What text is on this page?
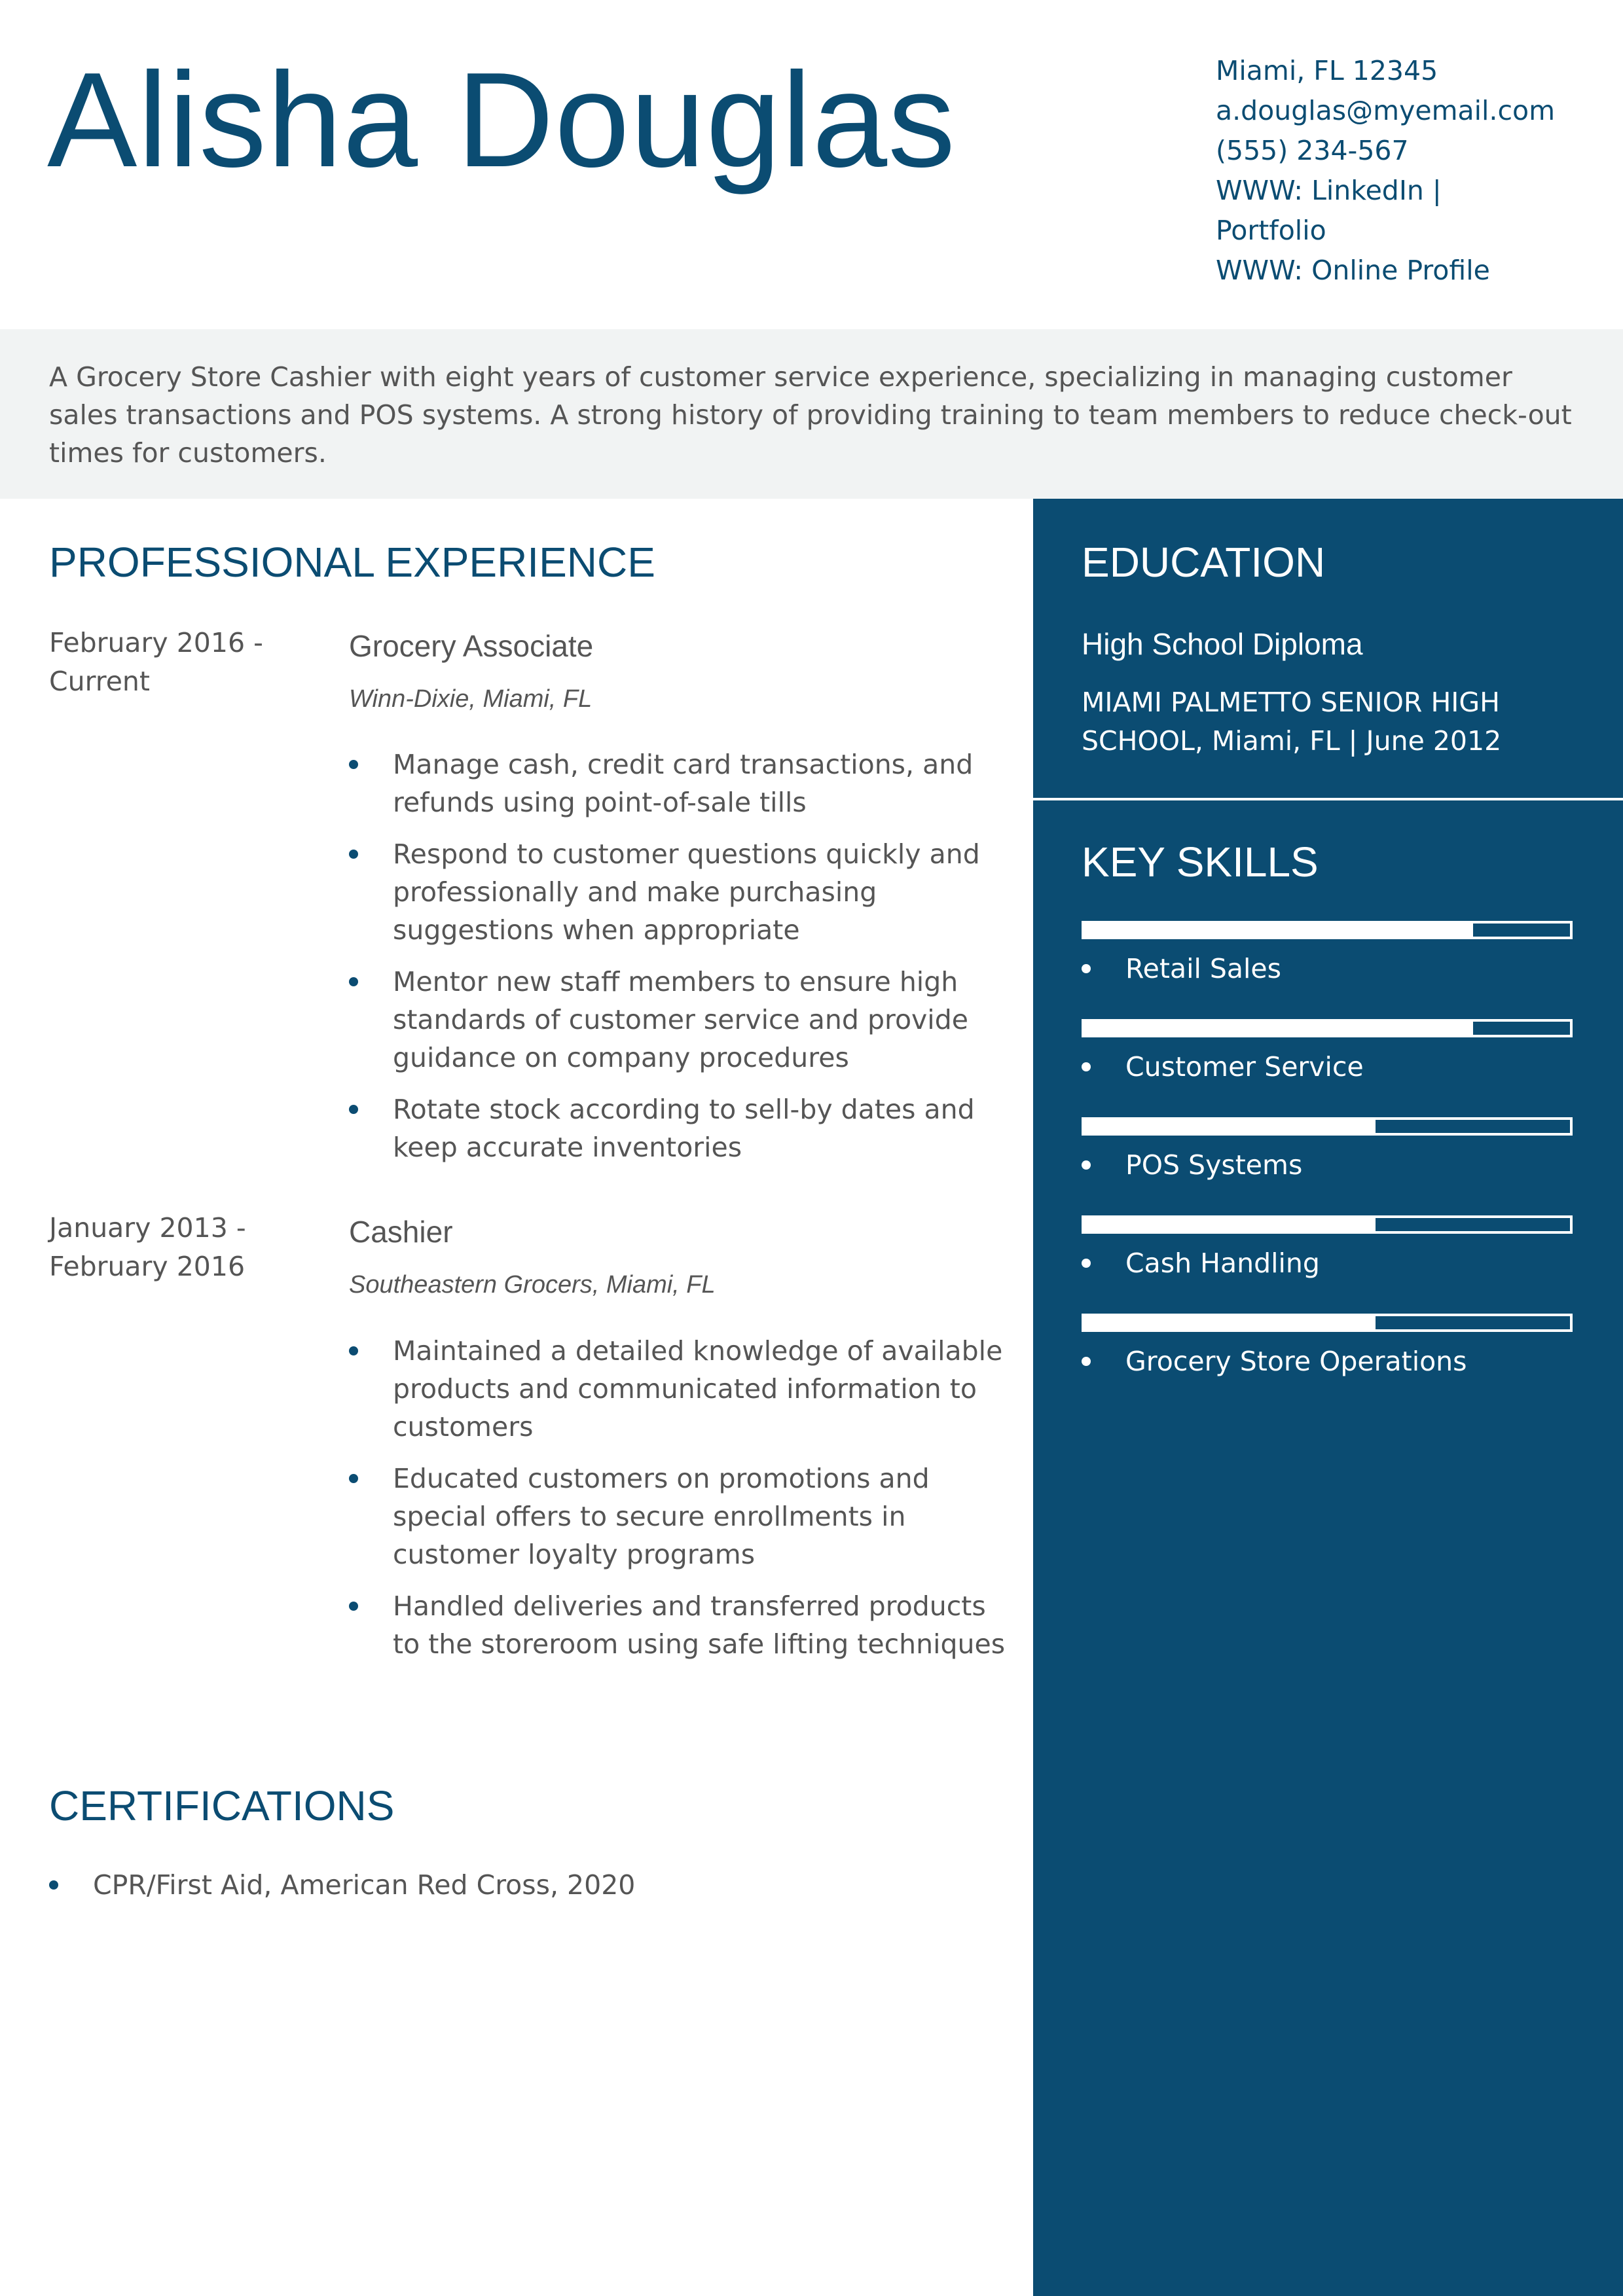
Alisha Douglas	Miami, FL 12345
a.douglas@myemail.com
(555) 234-567
WWW: LinkedIn |
Portfolio
WWW: Online Profile

A Grocery Store Cashier with eight years of customer service experience, specializing in managing customer sales transactions and POS systems. A strong history of providing training to team members to reduce check-out times for customers.

PROFESSIONAL EXPERIENCE
February 2016 -
Current
Grocery Associate
Winn-Dixie, Miami, FL
Manage cash, credit card transactions, and refunds using point-of-sale tills
Respond to customer questions quickly and professionally and make purchasing suggestions when appropriate
Mentor new staff members to ensure high standards of customer service and provide guidance on company procedures
Rotate stock according to sell-by dates and keep accurate inventories
January 2013 -
February 2016
Cashier
Southeastern Grocers, Miami, FL
Maintained a detailed knowledge of available products and communicated information to customers
Educated customers on promotions and special offers to secure enrollments in customer loyalty programs
Handled deliveries and transferred products to the storeroom using safe lifting techniques
CERTIFICATIONS
CPR/First Aid, American Red Cross, 2020
EDUCATION
High School Diploma
MIAMI PALMETTO SENIOR HIGH
SCHOOL, Miami, FL | June 2012
KEY SKILLS
Retail Sales
Customer Service
POS Systems
Cash Handling
Grocery Store Operations
